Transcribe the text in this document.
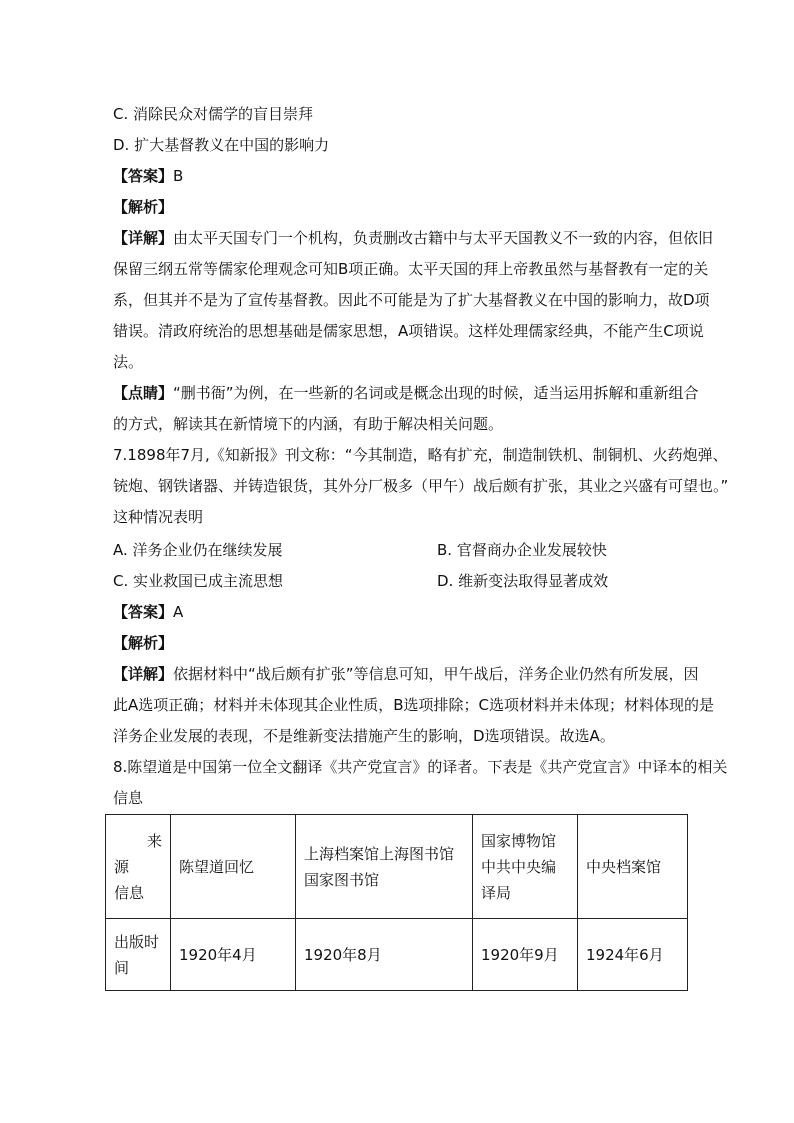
C. 消除民众对儒学的盲目崇拜
D. 扩大基督教义在中国的影响力
【答案】B
【解析】
【详解】由太平天国专门一个机构，负责删改古籍中与太平天国教义不一致的内容，但依旧
保留三纲五常等儒家伦理观念可知B项正确。太平天国的拜上帝教虽然与基督教有一定的关
系，但其并不是为了宣传基督教。因此不可能是为了扩大基督教义在中国的影响力，故D项
错误。清政府统治的思想基础是儒家思想，A项错误。这样处理儒家经典，不能产生C项说
法。
【点睛】“删书衙”为例，在一些新的名词或是概念出现的时候，适当运用拆解和重新组合
的方式，解读其在新情境下的内涵，有助于解决相关问题。
7.1898年7月,《知新报》刊文称：“今其制造，略有扩充，制造制铁机、制铜机、火药炮弹、
铳炮、钢铁诸器、并铸造银货，其外分厂极多（甲午）战后颇有扩张，其业之兴盛有可望也。”
这种情况表明
A. 洋务企业仍在继续发展	B. 官督商办企业发展较快
C. 实业救国已成主流思想	D. 维新变法取得显著成效
【答案】A
【解析】
【详解】依据材料中“战后颇有扩张”等信息可知，甲午战后，洋务企业仍然有所发展，因
此A选项正确；材料并未体现其企业性质，B选项排除；C选项材料并未体现；材料体现的是
洋务企业发展的表现，不是维新变法措施产生的影响，D选项错误。故选A。
8.陈望道是中国第一位全文翻译《共产党宣言》的译者。下表是《共产党宣言》中译本的相关
信息
来
源
信息	陈望道回忆	上海档案馆上海图书馆国家图书馆	国家博物馆中共中央编译局	中央档案馆
出版时间	1920年4月	1920年8月	1920年9月	1924年6月
